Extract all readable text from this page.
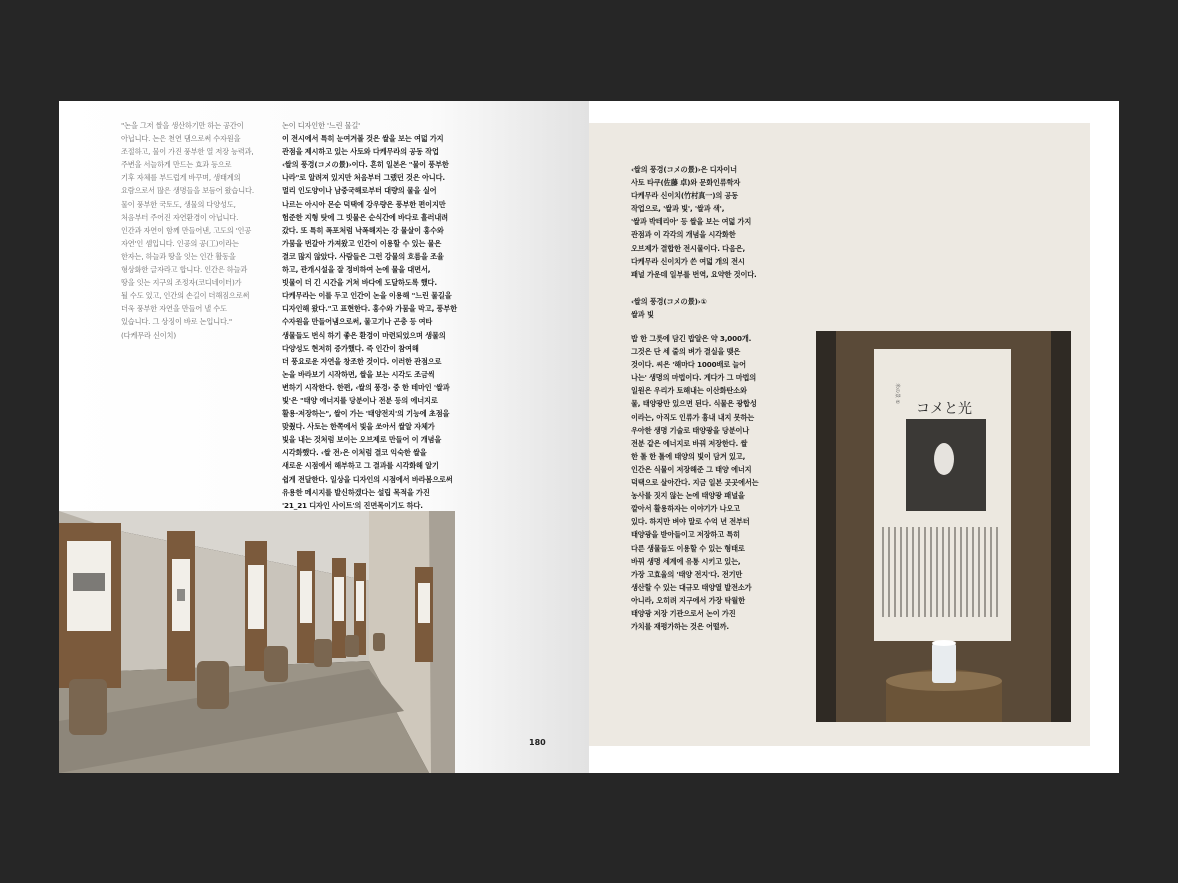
"논을 그저 쌀을 생산하기만 하는 공간이
아닙니다. 논은 천연 댐으로써 수자원을
조절하고, 물이 가진 풍부한 열 저장 능력과,
주변을 서늘하게 만드는 효과 등으로
기후 자체를 부드럽게 바꾸며, 생태계의
요람으로서 많은 생명들을 보듬어 왔습니다.
물이 풍부한 국토도, 생물의 다양성도,
처음부터 주어진 자연환경이 아닙니다.
인간과 자연이 함께 만들어낸, 고도의 '인공
자연'인 셈입니다. 인공의 공(工)이라는
한자는, 하늘과 땅을 잇는 인간 활동을
형상화한 글자라고 합니다. 인간은 하늘과
땅을 잇는 지구의 조정자(코디네이터)가
될 수도 있고, 인간의 손길이 더해짐으로써
더욱 풍부한 자연을 만들어 낼 수도
있습니다. 그 상징이 바로 논입니다."
(다케무라 신이치)
논이 디자인한 '느린 물길'
이 전시에서 특히 눈여겨볼 것은 쌀을 보는 여덟 가지
관점을 제시하고 있는 사토와 다케무라의 공동 작업
‹쌀의 풍경(コメの景)›이다. 흔히 일본은 "물이 풍부한
나라"로 알려져 있지만 처음부터 그랬던 것은 아니다.
멀리 인도양이나 남중국해로부터 대량의 물을 실어
나르는 아시아 몬순 덕택에 강우량은 풍부한 편이지만
험준한 지형 탓에 그 빗물은 순식간에 바다로 흘러내려
갔다. 또 특히 폭포처럼 낙폭해지는 강 물살이 홍수와
가뭄을 번갈아 가져왔고 인간이 이용할 수 있는 물은
결코 많지 않았다. 사람들은 그런 강물의 흐름을 조율
하고, 관개시설을 잘 정비하여 논에 물을 대면서,
빗물이 더 긴 시간을 거쳐 바다에 도달하도록 했다.
다케무라는 이를 두고 인간이 논을 이용해 "느린 물길을
디자인해 왔다."고 표현한다. 홍수와 가뭄을 막고, 풍부한
수자원을 만들어냄으로써, 물고기나 곤충 등 여타
생물들도 번식 하기 좋은 환경이 마련되었으며 생물의
다양성도 현저히 증가했다. 즉 인간이 참여해
더 풍요로운 자연을 창조한 것이다. 이러한 관점으로
논을 바라보기 시작하면, 쌀을 보는 시각도 조금씩
변하기 시작한다. 한편, ‹쌀의 풍경› 중 한 테마인 '쌀과
빛'은 "태양 에너지를 당분이나 전분 등의 에너지로
활용·저장하는", 쌀이 가는 '태양전지'의 기능에 초점을
맞췄다. 사토는 한쪽에서 빛을 쏘아서 쌀알 자체가
빛을 내는 것처럼 보이는 오브제로 만들어 이 개념을
시각화했다. ‹쌀 전›은 이처럼 결코 익숙한 쌀을
새로운 시점에서 해부하고 그 결과를 시각화해 알기
쉽게 전달한다. 일상을 디자인의 시점에서 바라봄으로써
유용한 메시지를 발신하겠다는 설립 목적을 가진
'21_21 디자인 사이트'의 진면목이기도 하다.
180
‹쌀의 풍경(コメの景)›은 디자이너
사토 타쿠(佐藤 卓)와 문화인류학자
다케무라 신이치(竹村真一)의 공동
작업으로, '쌀과 빛', '쌀과 색',
'쌀과 박테리아' 등 쌀을 보는 여덟 가지
관점과 이 각각의 개념을 시각화한
오브제가 결합한 전시물이다. 다음은,
다케무라 신이치가 쓴 여덟 개의 전시
패널 가운데 일부를 번역, 요약한 것이다.
‹쌀의 풍경(コメの景)›①
쌀과 빛
밥 한 그릇에 담긴 밥알은 약 3,000개.
그것은 단 세 줄의 벼가 결실을 맺은
것이다. 씨은 '해마다 1000배로 늘어
나는' 생명의 마법이다. 게다가 그 마법의
일원은 우리가 토해내는 이산화탄소와
물, 태양광만 있으면 된다. 식물은 광합성
이라는, 아직도 인류가 흉내 내지 못하는
우아한 생명 기술로 태양광을 당분이나
전분 같은 에너지로 바꿔 저장한다. 쌀
한 톨 한 톨에 태양의 빛이 담겨 있고,
인간은 식물이 저장해준 그 태양 에너지
덕택으로 살아간다. 지금 일본 곳곳에서는
농사를 짓지 않는 논에 태양광 패널을
깔아서 활용하자는 이야기가 나오고
있다. 하지만 벼야 말로 수억 년 전부터
태양광을 받아들이고 저장하고 특히
다른 생물들도 이용할 수 있는 형태로
바꿔 생명 세계에 유통 시키고 있는,
가장 고효율의 '태양 전지'다. 전기만
생산할 수 있는 대규모 태양열 발전소가
아니라, 오히려 지구에서 가장 탁월한
태양광 저장 기관으로서 논이 가진
가치를 재평가하는 것은 어떨까.
コメと光
米の景 ①
